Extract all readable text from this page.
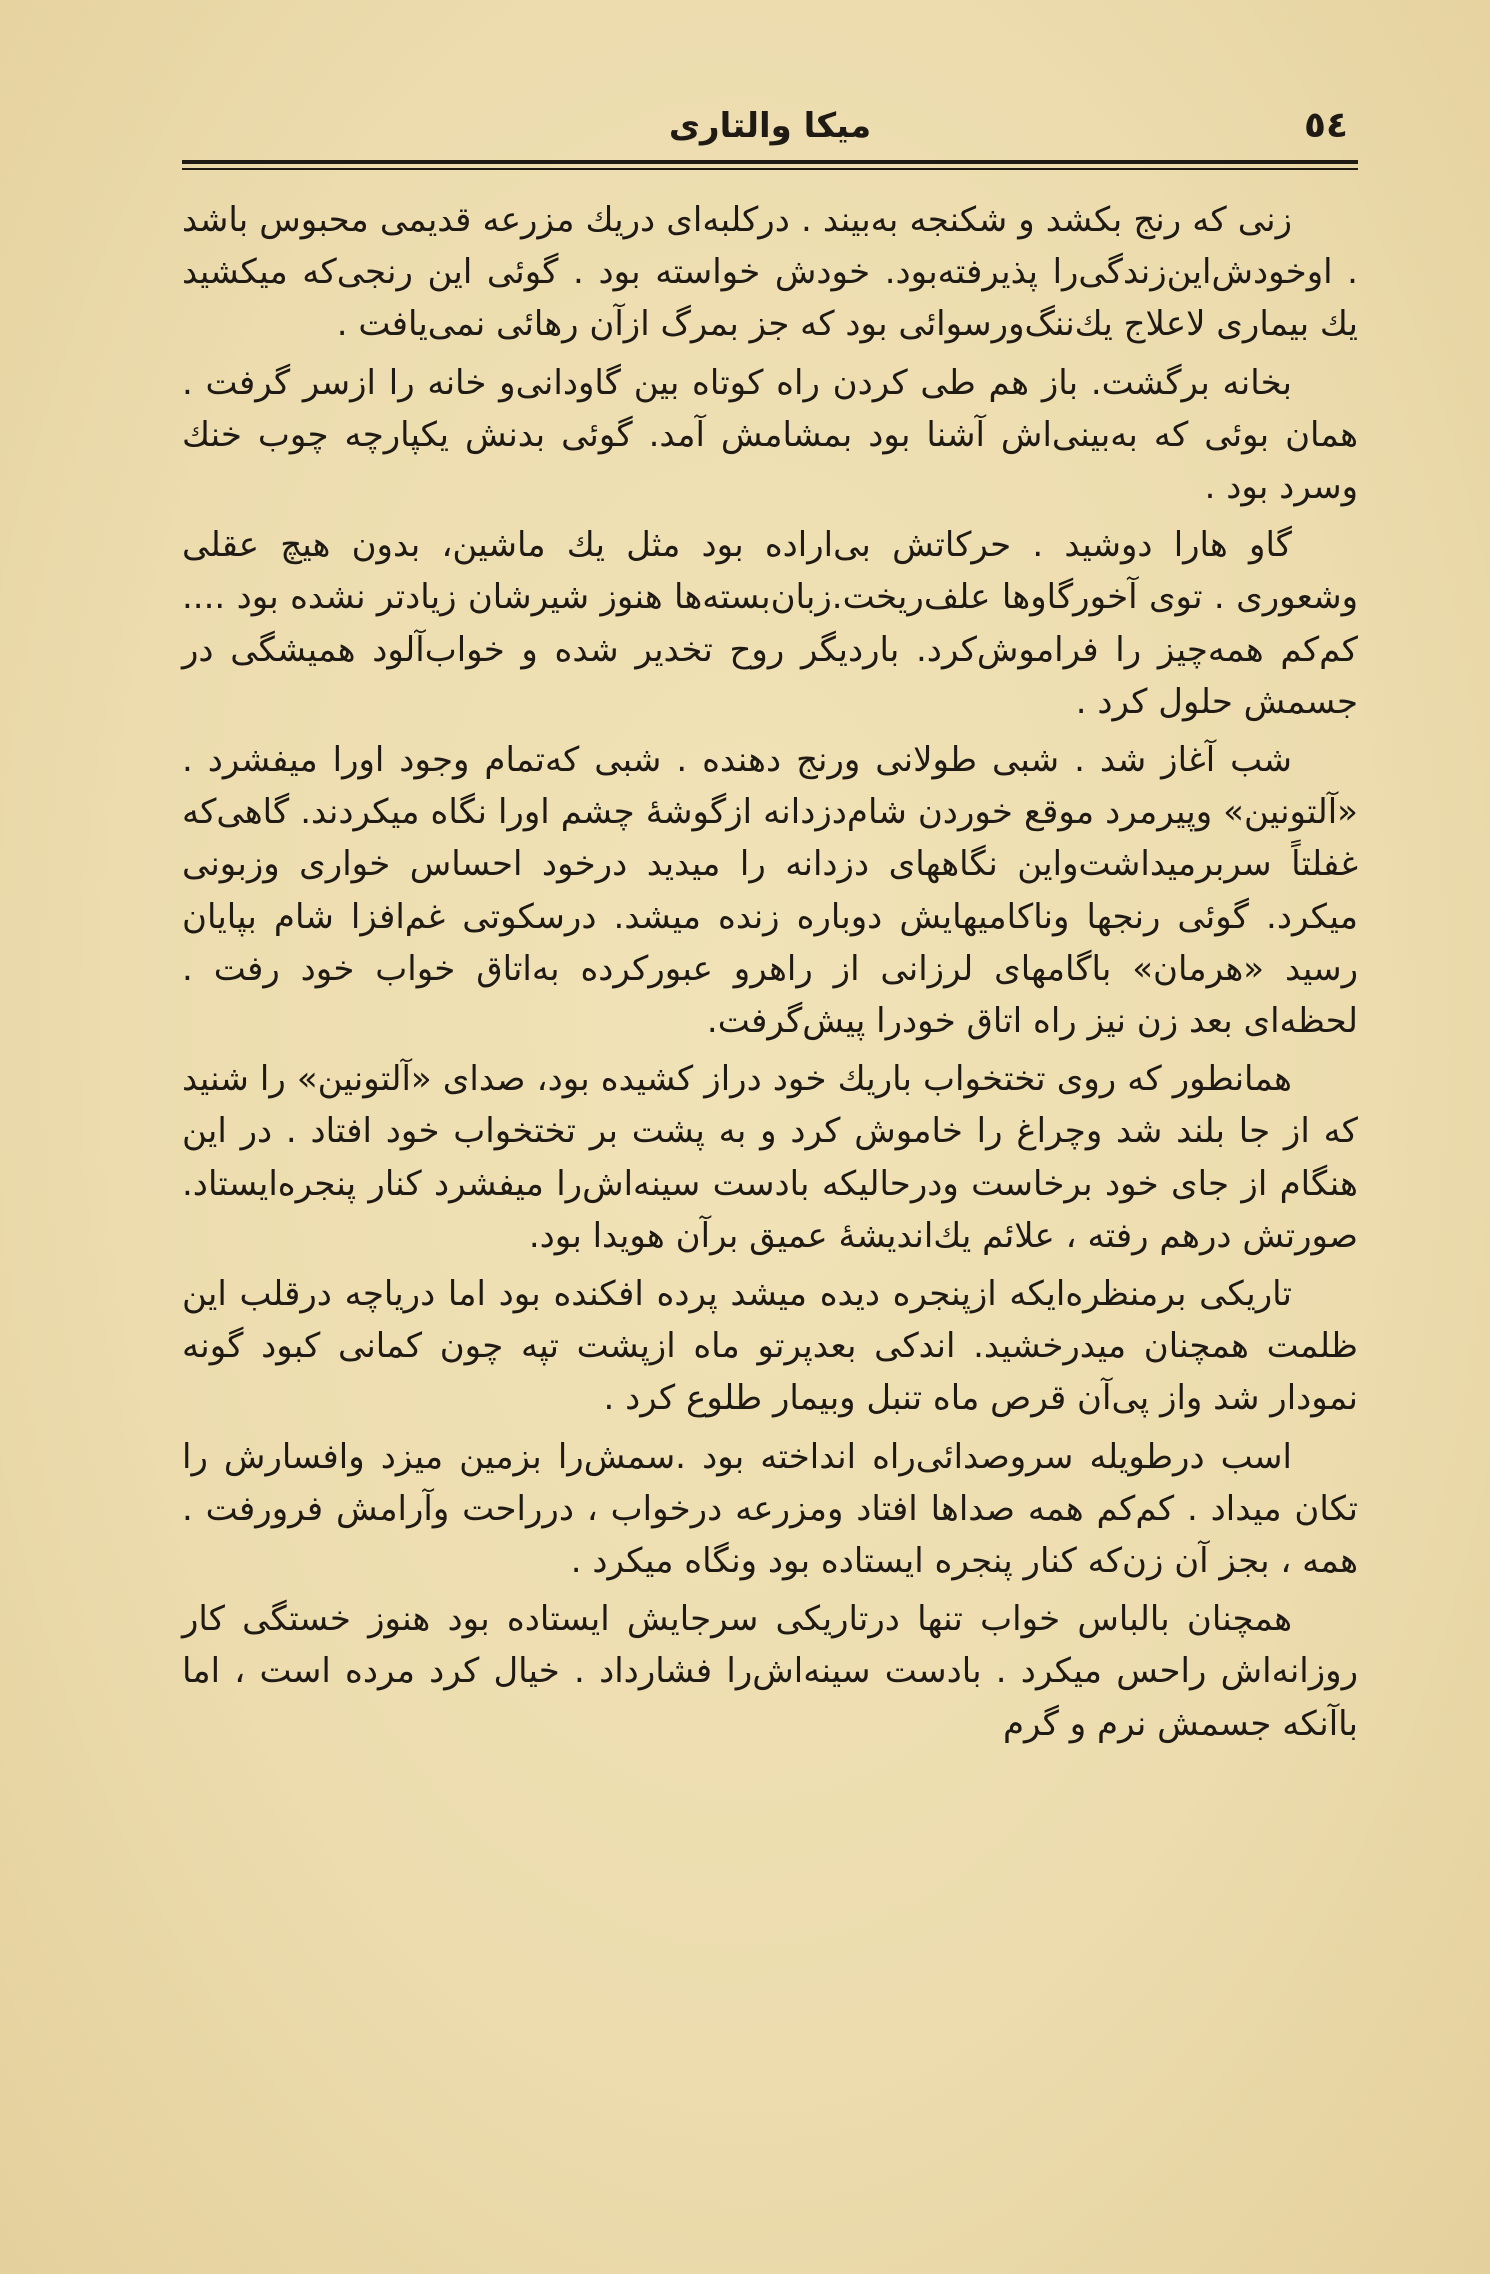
٥٤
میکا والتاری

زنی که رنج بکشد و شکنجه به‌بیند . درکلبه‌ای دریك مزرعه قدیمی محبوس باشد . اوخودش‌این‌زندگی‌را پذیرفته‌بود. خودش خواسته بود . گوئی این رنجی‌که میکشید یك بیماری لاعلاج یك‌ننگ‌ورسوائی بود که جز بمرگ ازآن رهائی نمی‌یافت .

بخانه برگشت. باز هم طی کردن راه کوتاه بین گاودانی‌و خانه را ازسر گرفت . همان بوئی که به‌بینی‌اش آشنا بود بمشامش آمد. گوئی بدنش یکپارچه چوب خنك وسرد بود .

گاو هارا دوشید . حرکاتش بی‌اراده بود مثل یك ماشین، بدون هیچ عقلی وشعوری . توی آخورگاوها علف‌ریخت.زبان‌بسته‌ها هنوز شیرشان زیادتر نشده بود .... کم‌کم همه‌چیز را فراموش‌کرد. باردیگر روح تخدیر شده و خواب‌آلود همیشگی در جسمش حلول کرد .

شب آغاز شد . شبی طولانی ورنج دهنده . شبی که‌تمام وجود اورا میفشرد . «آلتونین» وپیرمرد موقع خوردن شام‌دزدانه ازگوشهٔ چشم اورا نگاه میکردند. گاهی‌که غفلتاً سربرمیداشت‌واین نگاههای دزدانه را میدید درخود احساس خواری وزبونی میکرد. گوئی رنجها وناکامیهایش دوباره زنده میشد. درسکوتی غم‌افزا شام بپایان رسید «هرمان» باگامهای لرزانی از راهرو عبورکرده به‌اتاق خواب خود رفت . لحظه‌ای بعد زن نیز راه اتاق خودرا پیش‌گرفت.

همانطور که روی تختخواب باریك خود دراز کشیده بود، صدای «آلتونین» را شنید که از جا بلند شد وچراغ را خاموش کرد و به پشت بر تختخواب خود افتاد . در این هنگام از جای خود برخاست ودرحالیکه بادست سینه‌اش‌را میفشرد کنار پنجره‌ایستاد. صورتش درهم رفته ، علائم یك‌اندیشهٔ عمیق برآن هویدا بود.

تاریکی برمنظره‌ایکه ازپنجره دیده میشد پرده افکنده بود اما دریاچه درقلب این ظلمت همچنان میدرخشید. اندکی بعدپرتو ماه ازپشت تپه چون کمانی کبود گونه نمودار شد واز پی‌آن قرص ماه تنبل وبیمار طلوع کرد .

اسب درطویله سروصدائی‌راه انداخته بود .سمش‌را بزمین میزد وافسارش را تکان میداد . کم‌کم همه صداها افتاد ومزرعه درخواب ، درراحت وآرامش فرورفت . همه ، بجز آن زن‌که کنار پنجره ایستاده بود ونگاه میکرد .

همچنان بالباس خواب تنها درتاریکی سرجایش ایستاده بود هنوز خستگی کار روزانه‌اش راحس میکرد . بادست سینه‌اش‌را فشارداد . خیال کرد مرده است ، اما باآنکه جسمش نرم و گرم
